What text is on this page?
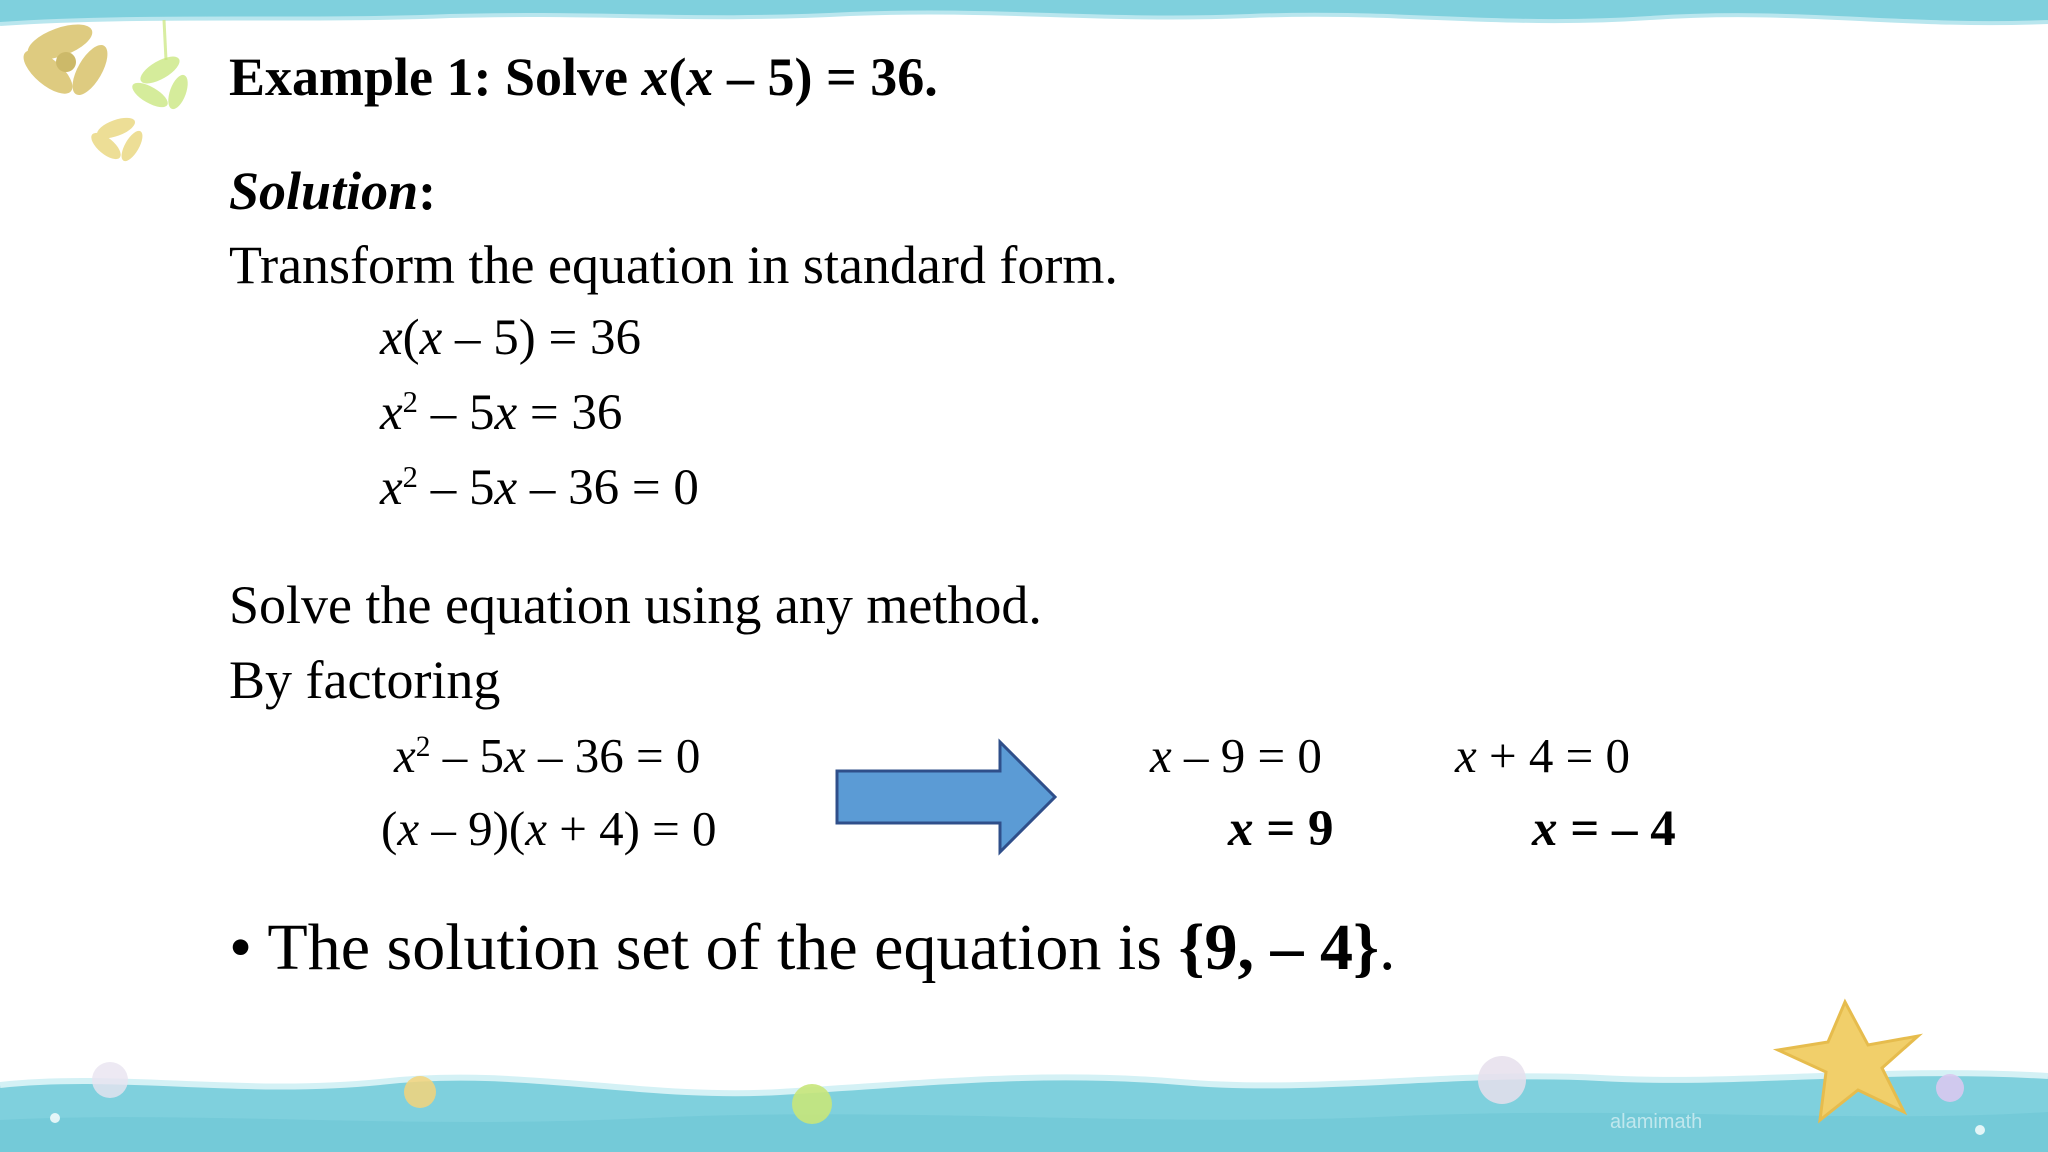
Example 1: Solve x(x – 5) = 36.
Solution:
Transform the equation in standard form.
x(x – 5) = 36
$x^2 - 5x = 36$
$x^2 - 5x - 36 = 0$
Solve the equation using any method.
By factoring
$x^2 - 5x - 36 = 0$
(x – 9)(x + 4) = 0
x – 9 = 0	x + 4 = 0
x = 9	x = – 4
• The solution set of the equation is {9, – 4}.
alamimath
